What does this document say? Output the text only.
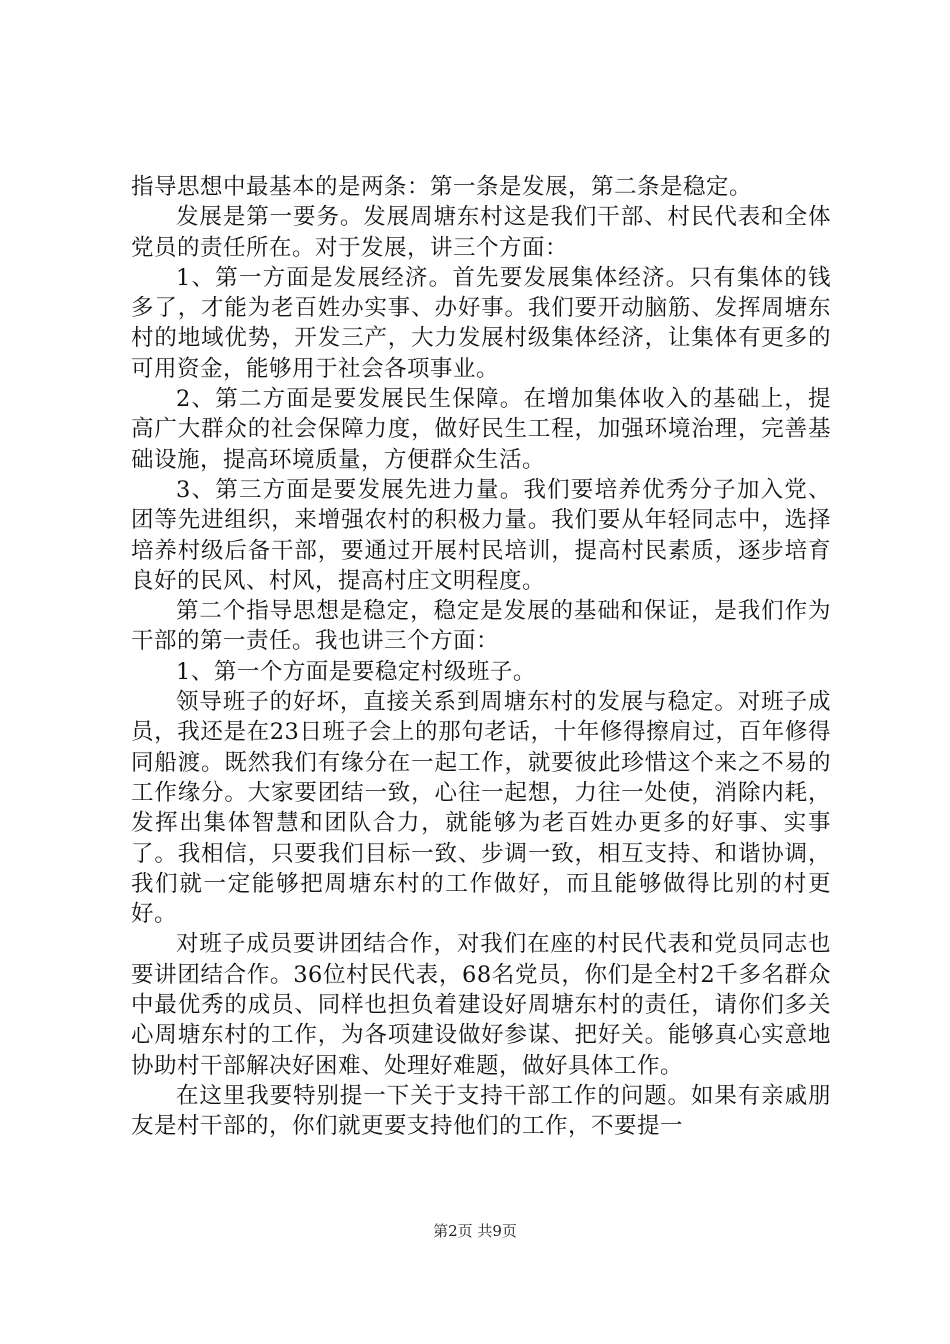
指导思想中最基本的是两条：第一条是发展，第二条是稳定。

发展是第一要务。发展周塘东村这是我们干部、村民代表和全体党员的责任所在。对于发展，讲三个方面：

1、第一方面是发展经济。首先要发展集体经济。只有集体的钱多了，才能为老百姓办实事、办好事。我们要开动脑筋、发挥周塘东村的地域优势，开发三产，大力发展村级集体经济，让集体有更多的可用资金，能够用于社会各项事业。

2、第二方面是要发展民生保障。在增加集体收入的基础上，提高广大群众的社会保障力度，做好民生工程，加强环境治理，完善基础设施，提高环境质量，方便群众生活。

3、第三方面是要发展先进力量。我们要培养优秀分子加入党、团等先进组织，来增强农村的积极力量。我们要从年轻同志中，选择培养村级后备干部，要通过开展村民培训，提高村民素质，逐步培育良好的民风、村风，提高村庄文明程度。

第二个指导思想是稳定，稳定是发展的基础和保证，是我们作为干部的第一责任。我也讲三个方面：

1、第一个方面是要稳定村级班子。

领导班子的好坏，直接关系到周塘东村的发展与稳定。对班子成员，我还是在23日班子会上的那句老话，十年修得擦肩过，百年修得同船渡。既然我们有缘分在一起工作，就要彼此珍惜这个来之不易的工作缘分。大家要团结一致，心往一起想，力往一处使，消除内耗，发挥出集体智慧和团队合力，就能够为老百姓办更多的好事、实事了。我相信，只要我们目标一致、步调一致，相互支持、和谐协调，我们就一定能够把周塘东村的工作做好，而且能够做得比别的村更好。

对班子成员要讲团结合作，对我们在座的村民代表和党员同志也要讲团结合作。36位村民代表，68名党员，你们是全村2千多名群众中最优秀的成员、同样也担负着建设好周塘东村的责任，请你们多关心周塘东村的工作，为各项建设做好参谋、把好关。能够真心实意地协助村干部解决好困难、处理好难题，做好具体工作。

在这里我要特别提一下关于支持干部工作的问题。如果有亲戚朋友是村干部的，你们就更要支持他们的工作，不要提一

第2页 共9页
